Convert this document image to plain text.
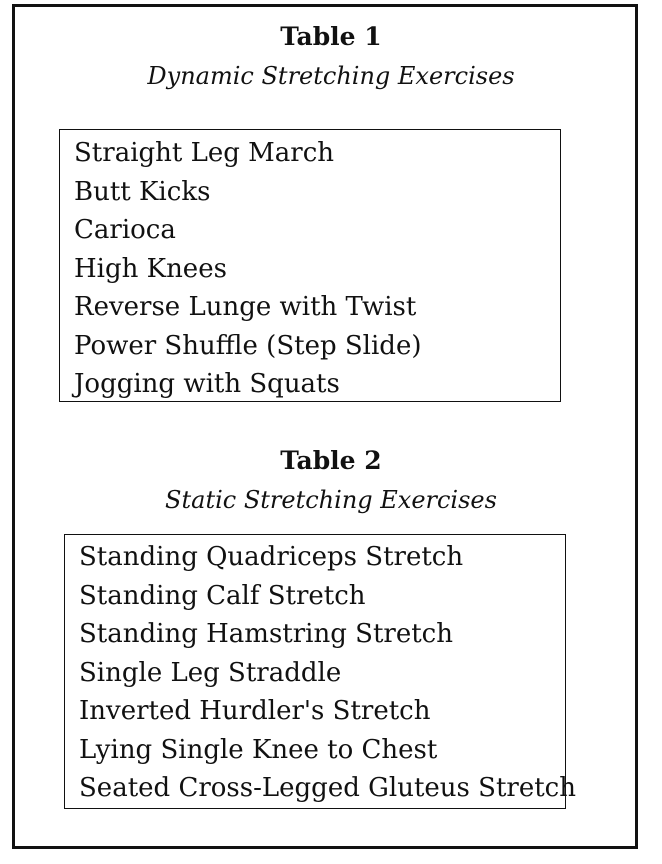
Table 1
Dynamic Stretching Exercises
Straight Leg March
Butt Kicks
Carioca
High Knees
Reverse Lunge with Twist
Power Shuffle (Step Slide)
Jogging with Squats
Table 2
Static Stretching Exercises
Standing Quadriceps Stretch
Standing Calf Stretch
Standing Hamstring Stretch
Single Leg Straddle
Inverted Hurdler's Stretch
Lying Single Knee to Chest
Seated Cross-Legged Gluteus Stretch
